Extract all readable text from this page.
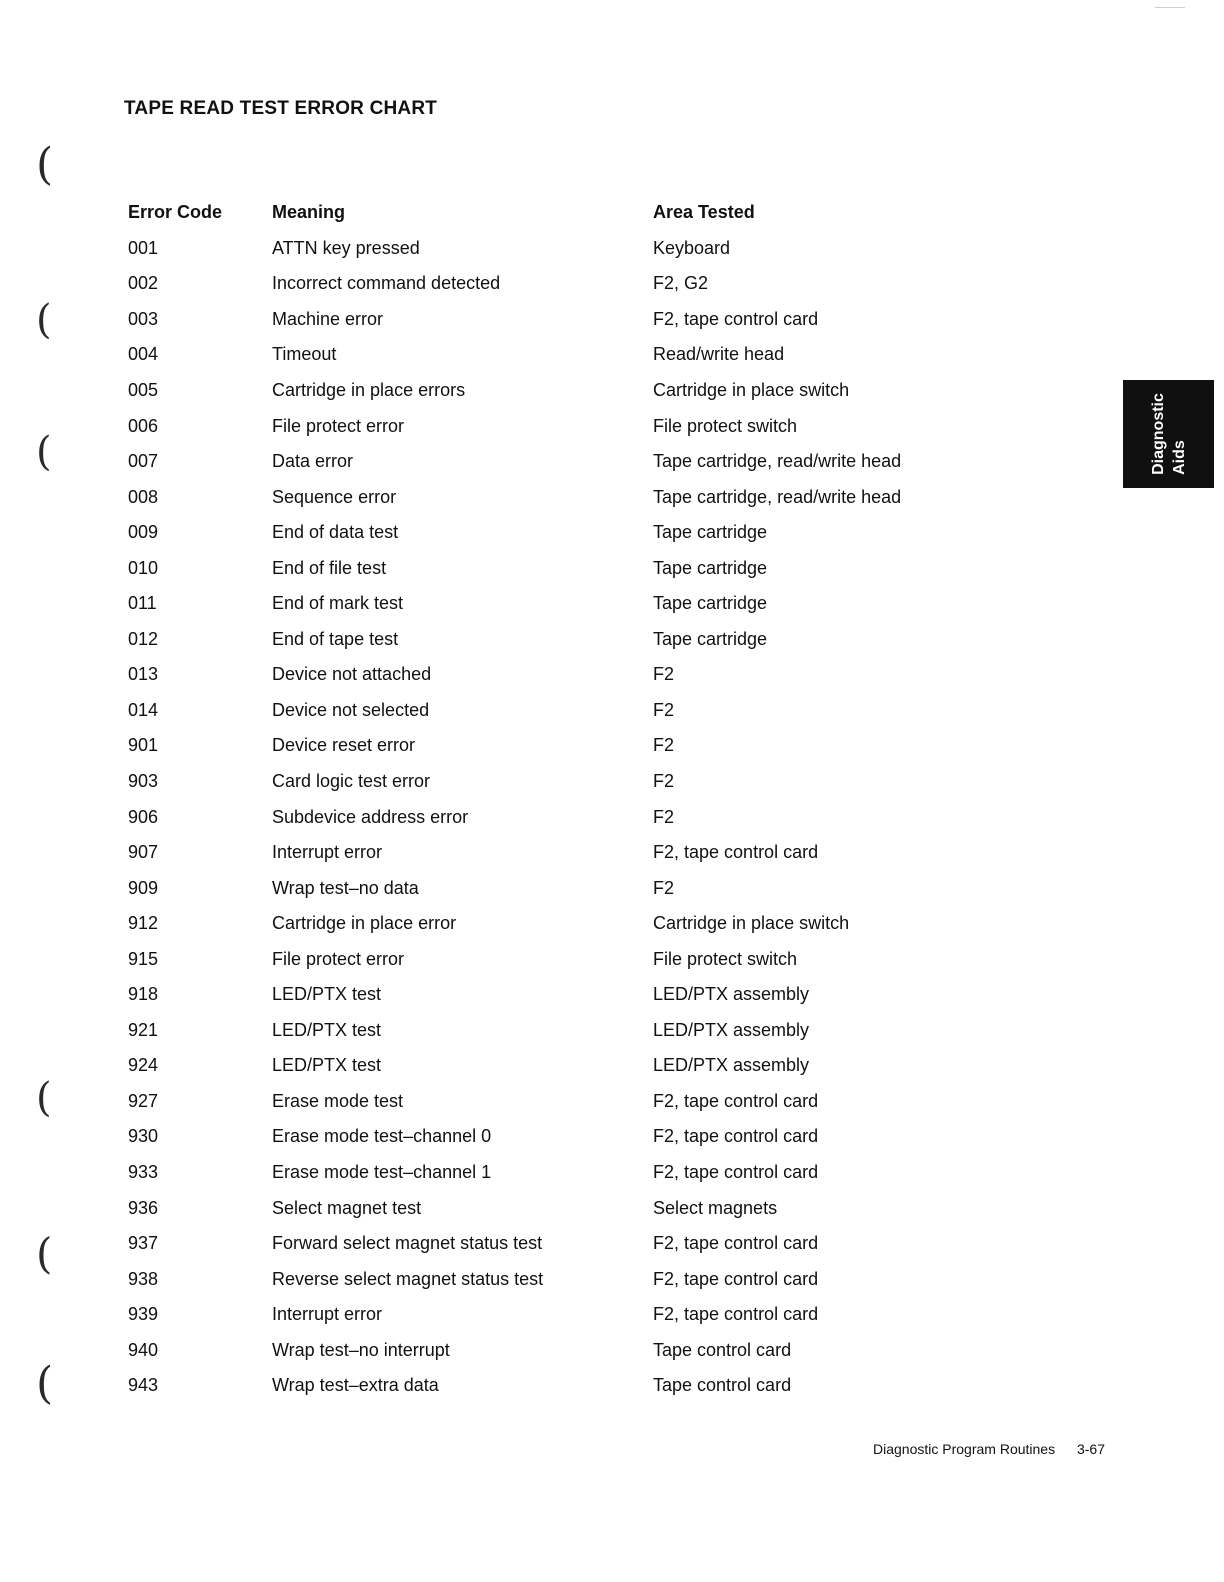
TAPE READ TEST ERROR CHART
Error Code	Meaning	Area Tested
001	ATTN key pressed	Keyboard
002	Incorrect command detected	F2, G2
003	Machine error	F2, tape control card
004	Timeout	Read/write head
005	Cartridge in place errors	Cartridge in place switch
006	File protect error	File protect switch
007	Data error	Tape cartridge, read/write head
008	Sequence error	Tape cartridge, read/write head
009	End of data test	Tape cartridge
010	End of file test	Tape cartridge
011	End of mark test	Tape cartridge
012	End of tape test	Tape cartridge
013	Device not attached	F2
014	Device not selected	F2
901	Device reset error	F2
903	Card logic test error	F2
906	Subdevice address error	F2
907	Interrupt error	F2, tape control card
909	Wrap test–no data	F2
912	Cartridge in place error	Cartridge in place switch
915	File protect error	File protect switch
918	LED/PTX test	LED/PTX assembly
921	LED/PTX test	LED/PTX assembly
924	LED/PTX test	LED/PTX assembly
927	Erase mode test	F2, tape control card
930	Erase mode test–channel 0	F2, tape control card
933	Erase mode test–channel 1	F2, tape control card
936	Select magnet test	Select magnets
937	Forward select magnet status test	F2, tape control card
938	Reverse select magnet status test	F2, tape control card
939	Interrupt error	F2, tape control card
940	Wrap test–no interrupt	Tape control card
943	Wrap test–extra data	Tape control card
Diagnostic Aids
(
(
(
(
(
(
Diagnostic Program Routines 3-67
